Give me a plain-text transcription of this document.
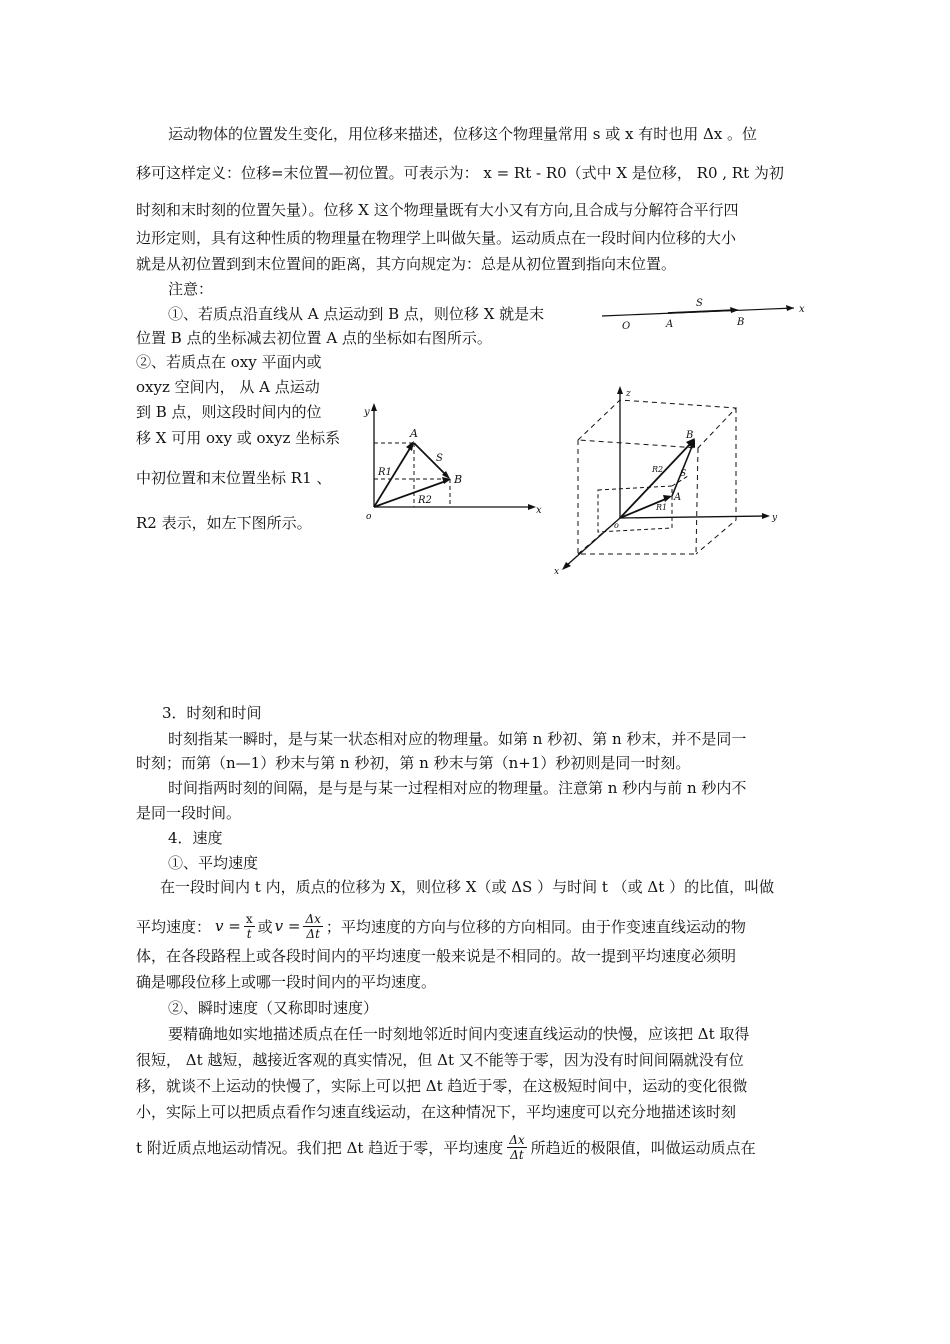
运动物体的位置发生变化，用位移来描述，位移这个物理量常用 s 或 x 有时也用 Δx 。位
移可这样定义：位移=末位置—初位置。可表示为： x = Rt - R0（式中 X 是位移， R0 , Rt 为初
时刻和末时刻的位置矢量）。位移 X 这个物理量既有大小又有方向,且合成与分解符合平行四
边形定则，具有这种性质的物理量在物理学上叫做矢量。运动质点在一段时间内位移的大小
就是从初位置到到末位置间的距离，其方向规定为：总是从初位置到指向末位置。
注意：
①、若质点沿直线从 A 点运动到 B 点，则位移 X 就是末
位置 B 点的坐标减去初位置 A 点的坐标如右图所示。
②、若质点在 oxy 平面内或
oxyz 空间内， 从 A 点运动
到 B 点，则这段时间内的位
移 X 可用 oxy 或 oxyz 坐标系
中初位置和末位置坐标 R1 、
R2 表示，如左下图所示。
S
O	A	B
x
y
x
o
A
B
S
R1
R2
z
y
x
o
A
B
S
R1
R2
3．时刻和时间
时刻指某一瞬时，是与某一状态相对应的物理量。如第 n 秒初、第 n 秒末，并不是同一
时刻；而第（n—1）秒末与第 n 秒初，第 n 秒末与第（n+1）秒初则是同一时刻。
时间指两时刻的间隔，是与是与某一过程相对应的物理量。注意第 n 秒内与前 n 秒内不
是同一段时间。
4．速度
①、平均速度
在一段时间内 t 内，质点的位移为 X，则位移 X（或 ΔS ）与时间 t （或 Δt ）的比值，叫做
平均速度： $v = \frac{x}{t}$ 或 $v = \frac{\Delta x}{\Delta t}$ ；平均速度的方向与位移的方向相同。由于作变速直线运动的物
体，在各段路程上或各段时间内的平均速度一般来说是不相同的。故一提到平均速度必须明
确是哪段位移上或哪一段时间内的平均速度。
②、瞬时速度（又称即时速度）
要精确地如实地描述质点在任一时刻地邻近时间内变速直线运动的快慢，应该把 Δt 取得
很短， Δt 越短，越接近客观的真实情况，但 Δt 又不能等于零，因为没有时间间隔就没有位
移，就谈不上运动的快慢了，实际上可以把 Δt 趋近于零，在这极短时间中，运动的变化很微
小，实际上可以把质点看作匀速直线运动，在这种情况下，平均速度可以充分地描述该时刻
t 附近质点地运动情况。我们把 Δt 趋近于零，平均速度 $\frac{\Delta x}{\Delta t}$ 所趋近的极限值，叫做运动质点在
